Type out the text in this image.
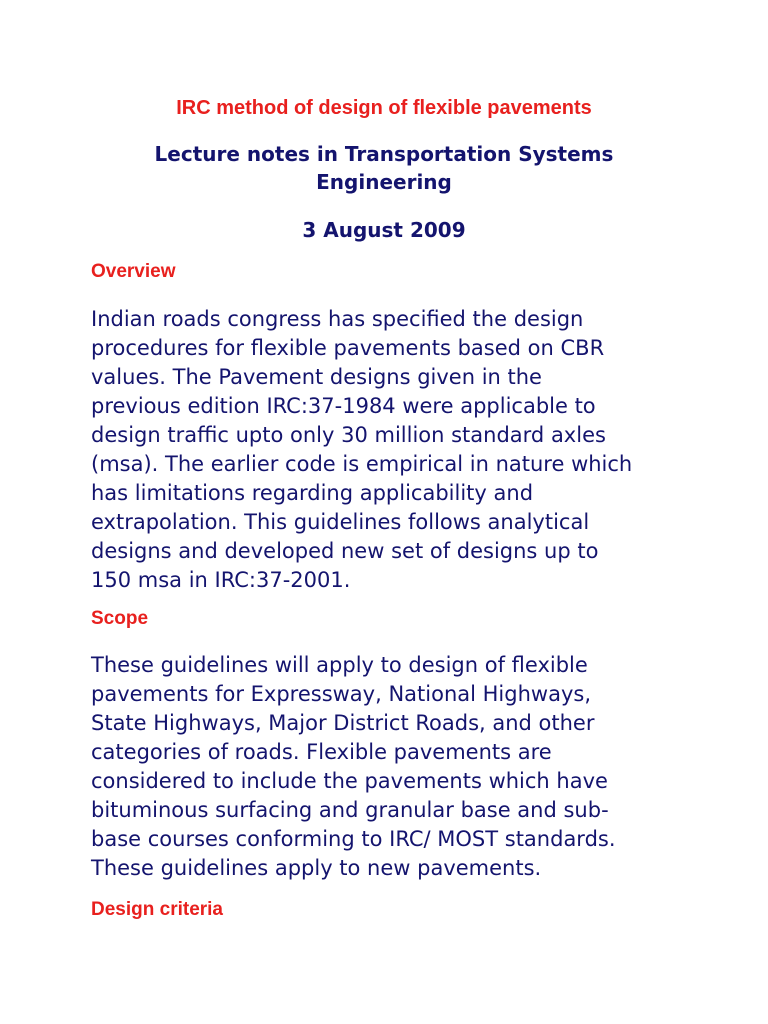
IRC method of design of flexible pavements
Lecture notes in Transportation Systems Engineering
3 August 2009
Overview
Indian roads congress has specified the design
procedures for flexible pavements based on CBR
values. The Pavement designs given in the
previous edition IRC:37-1984 were applicable to
design traffic upto only 30 million standard axles
(msa). The earlier code is empirical in nature which
has limitations regarding applicability and
extrapolation. This guidelines follows analytical
designs and developed new set of designs up to
150 msa in IRC:37-2001.
Scope
These guidelines will apply to design of flexible
pavements for Expressway, National Highways,
State Highways, Major District Roads, and other
categories of roads. Flexible pavements are
considered to include the pavements which have
bituminous surfacing and granular base and sub-
base courses conforming to IRC/ MOST standards.
These guidelines apply to new pavements.
Design criteria
